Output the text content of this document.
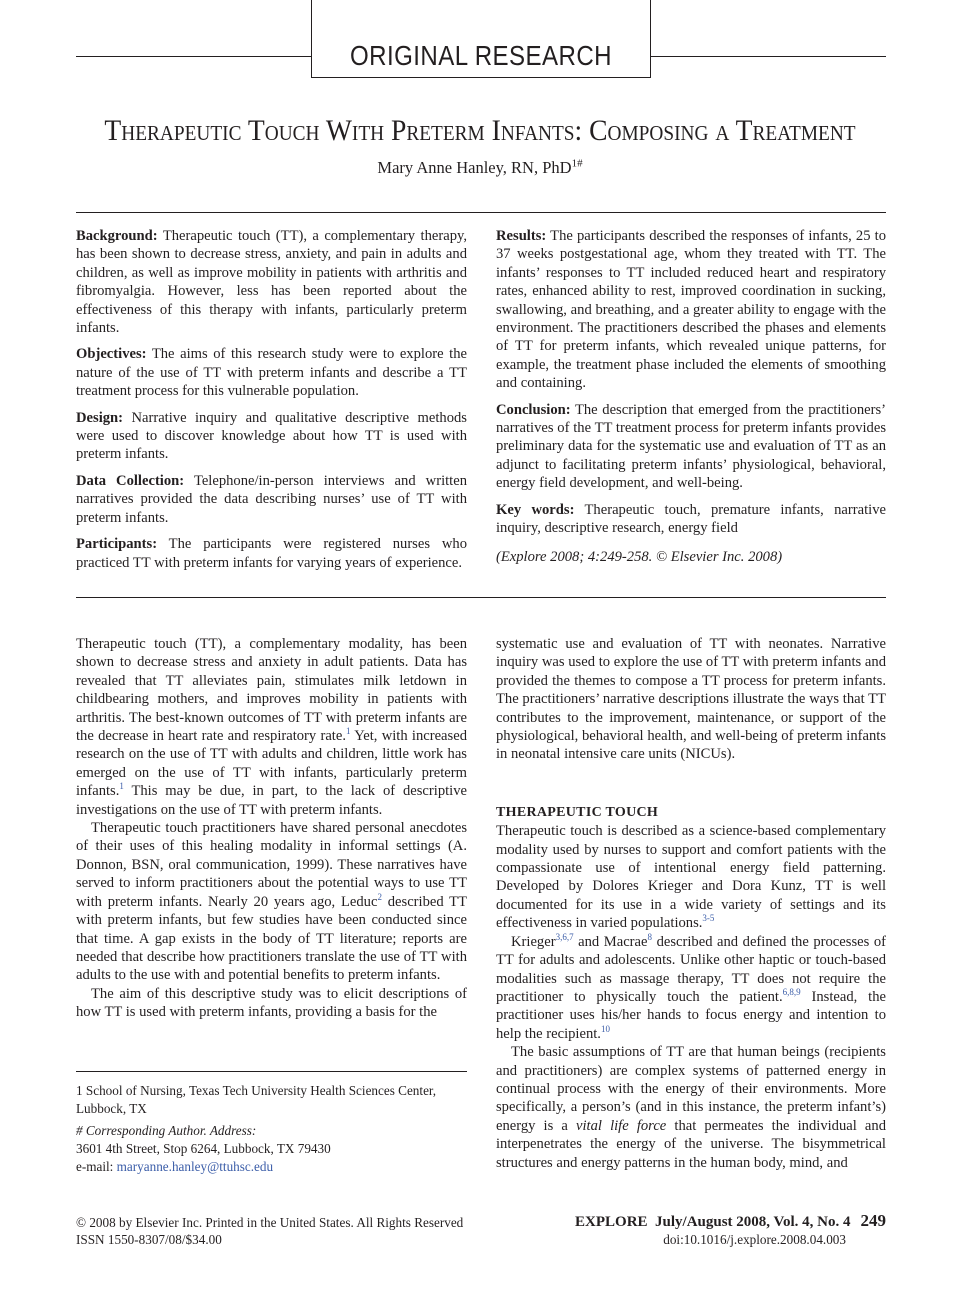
ORIGINAL RESEARCH
Therapeutic Touch With Preterm Infants: Composing a Treatment
Mary Anne Hanley, RN, PhD$^{1\#}$

Background: Therapeutic touch (TT), a complementary therapy, has been shown to decrease stress, anxiety, and pain in adults and children, as well as improve mobility in patients with arthritis and fibromyalgia. However, less has been reported about the effectiveness of this therapy with infants, particularly preterm infants.

Objectives: The aims of this research study were to explore the nature of the use of TT with preterm infants and describe a TT treatment process for this vulnerable population.

Design: Narrative inquiry and qualitative descriptive methods were used to discover knowledge about how TT is used with preterm infants.

Data Collection: Telephone/in-person interviews and written narratives provided the data describing nurses’ use of TT with preterm infants.

Participants: The participants were registered nurses who practiced TT with preterm infants for varying years of experience.

Results: The participants described the responses of infants, 25 to 37 weeks postgestational age, whom they treated with TT. The infants’ responses to TT included reduced heart and respiratory rates, enhanced ability to rest, improved coordination in sucking, swallowing, and breathing, and a greater ability to engage with the environment. The practitioners described the phases and elements of TT for preterm infants, which revealed unique patterns, for example, the treatment phase included the elements of smoothing and containing.

Conclusion: The description that emerged from the practitioners’ narratives of the TT treatment process for preterm infants provides preliminary data for the systematic use and evaluation of TT as an adjunct to facilitating preterm infants’ physiological, behavioral, energy field development, and well-being.

Key words: Therapeutic touch, premature infants, narrative inquiry, descriptive research, energy field

(Explore 2008; 4:249-258. © Elsevier Inc. 2008)

Therapeutic touch (TT), a complementary modality, has been shown to decrease stress and anxiety in adult patients. Data has revealed that TT alleviates pain, stimulates milk letdown in childbearing mothers, and improves mobility in patients with arthritis. The best-known outcomes of TT with preterm infants are the decrease in heart rate and respiratory rate.$^1$ Yet, with increased research on the use of TT with adults and children, little work has emerged on the use of TT with infants, particularly preterm infants.$^1$ This may be due, in part, to the lack of descriptive investigations on the use of TT with preterm infants.

Therapeutic touch practitioners have shared personal anecdotes of their uses of this healing modality in informal settings (A. Donnon, BSN, oral communication, 1999). These narratives have served to inform practitioners about the potential ways to use TT with preterm infants. Nearly 20 years ago, Leduc$^2$ described TT with preterm infants, but few studies have been conducted since that time. A gap exists in the body of TT literature; reports are needed that describe how practitioners translate the use of TT with adults to the use with and potential benefits to preterm infants.

The aim of this descriptive study was to elicit descriptions of how TT is used with preterm infants, providing a basis for the

systematic use and evaluation of TT with neonates. Narrative inquiry was used to explore the use of TT with preterm infants and provided the themes to compose a TT process for preterm infants. The practitioners’ narrative descriptions illustrate the ways that TT contributes to the improvement, maintenance, or support of the physiological, behavioral health, and well-being of preterm infants in neonatal intensive care units (NICUs).

THERAPEUTIC TOUCH

Therapeutic touch is described as a science-based complementary modality used by nurses to support and comfort patients with the compassionate use of intentional energy field patterning. Developed by Dolores Krieger and Dora Kunz, TT is well documented for its use in a wide variety of settings and its effectiveness in varied populations.$^{3-5}$

Krieger$^{3,6,7}$ and Macrae$^8$ described and defined the processes of TT for adults and adolescents. Unlike other haptic or touch-based modalities such as massage therapy, TT does not require the practitioner to physically touch the patient.$^{6,8,9}$ Instead, the practitioner uses his/her hands to focus energy and intention to help the recipient.$^{10}$

The basic assumptions of TT are that human beings (recipients and practitioners) are complex systems of patterned energy in continual process with the energy of their environments. More specifically, a person’s (and in this instance, the preterm infant’s) energy is a vital life force that permeates the individual and interpenetrates the energy of the universe. The bisymmetrical structures and energy patterns in the human body, mind, and

1 School of Nursing, Texas Tech University Health Sciences Center, Lubbock, TX

# Corresponding Author. Address:

3601 4th Street, Stop 6264, Lubbock, TX 79430

e-mail: maryanne.hanley@ttuhsc.edu

© 2008 by Elsevier Inc. Printed in the United States. All Rights Reserved
ISSN 1550-8307/08/$34.00
EXPLORE  July/August 2008, Vol. 4, No. 4 249
doi:10.1016/j.explore.2008.04.003
